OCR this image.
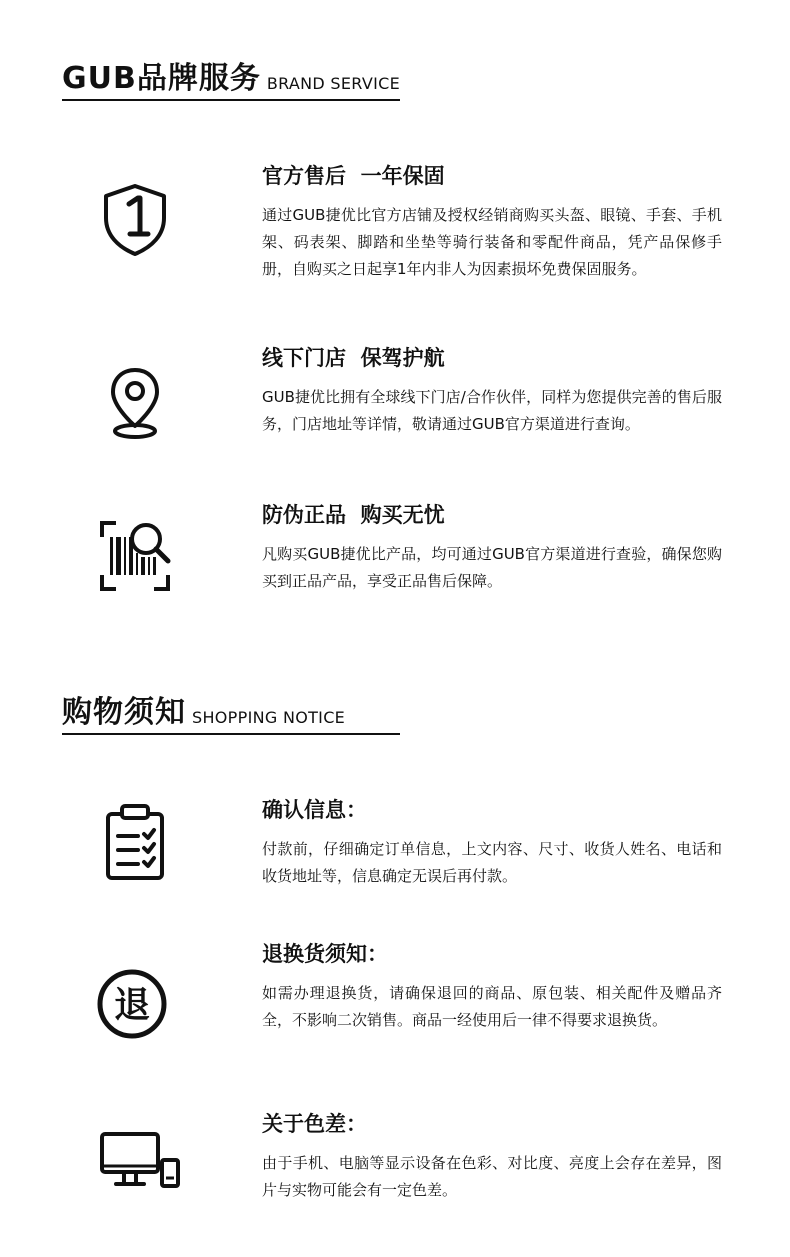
GUB品牌服务 BRAND SERVICE
官方售后  一年保固
通过GUB捷优比官方店铺及授权经销商购买头盔、眼镜、手套、手机架、码表架、脚踏和坐垫等骑行装备和零配件商品，凭产品保修手册，自购买之日起享1年内非人为因素损坏免费保固服务。
线下门店  保驾护航
GUB捷优比拥有全球线下门店/合作伙伴，同样为您提供完善的售后服务，门店地址等详情，敬请通过GUB官方渠道进行查询。
防伪正品  购买无忧
凡购买GUB捷优比产品，均可通过GUB官方渠道进行查验，确保您购买到正品产品，享受正品售后保障。
购物须知 SHOPPING NOTICE
确认信息：
付款前，仔细确定订单信息，上文内容、尺寸、收货人姓名、电话和收货地址等，信息确定无误后再付款。
退
退换货须知：
如需办理退换货，请确保退回的商品、原包装、相关配件及赠品齐全，不影响二次销售。商品一经使用后一律不得要求退换货。
关于色差：
由于手机、电脑等显示设备在色彩、对比度、亮度上会存在差异，图片与实物可能会有一定色差。
